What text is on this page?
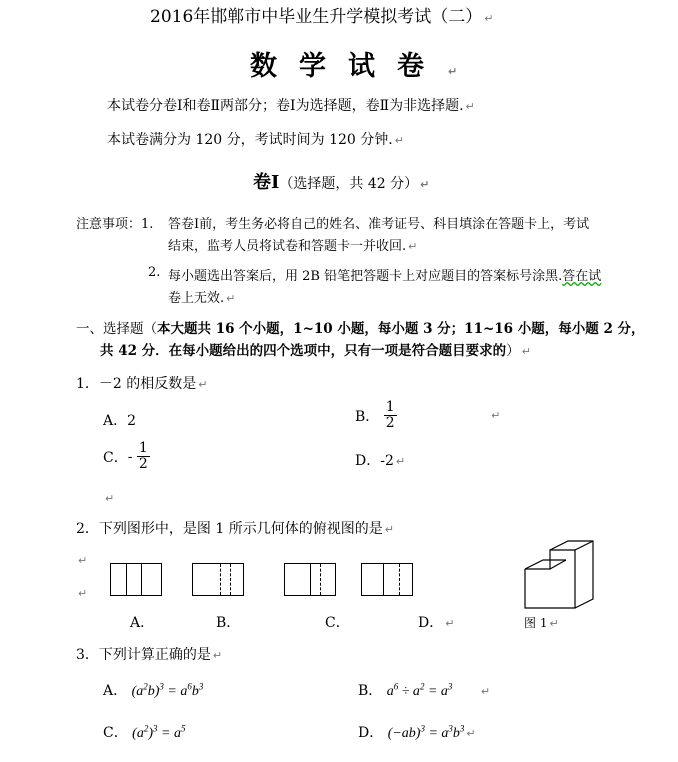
2016年邯郸市中毕业生升学模拟考试（二） ↵
数学试卷 ↵
本试卷分卷Ⅰ和卷Ⅱ两部分；卷Ⅰ为选择题，卷Ⅱ为非选择题. ↵
本试卷满分为 120 分，考试时间为 120 分钟. ↵
卷Ⅰ（选择题，共 42 分） ↵
注意事项：1. 答卷Ⅰ前，考生务必将自己的姓名、准考证号、科目填涂在答题卡上，考试
结束，监考人员将试卷和答题卡一并收回. ↵
2. 每小题选出答案后，用 2B 铅笔把答题卡上对应题目的答案标号涂黑.答在试
卷上无效. ↵
一、选择题（本大题共 16 个小题，1~10 小题，每小题 3 分；11~16 小题，每小题 2 分，
共 42 分．在每小题给出的四个选项中，只有一项是符合题目要求的） ↵
1．－2 的相反数是 ↵
A．2	B． $\frac{1}{2}$	↵
C．- $\frac{1}{2}$	D．-2 ↵
↵
2．下列图形中，是图 1 所示几何体的俯视图的是 ↵
↵
↵
A．	B．	C．	D． ↵	图 1 ↵
3．下列计算正确的是 ↵
A． $(a^2b)^3 = a^6b^3$	B． $a^6 \div a^2 = a^3$	↵
C． $(a^2)^3 = a^5$	D． $(-ab)^3 = a^3b^3$ ↵
